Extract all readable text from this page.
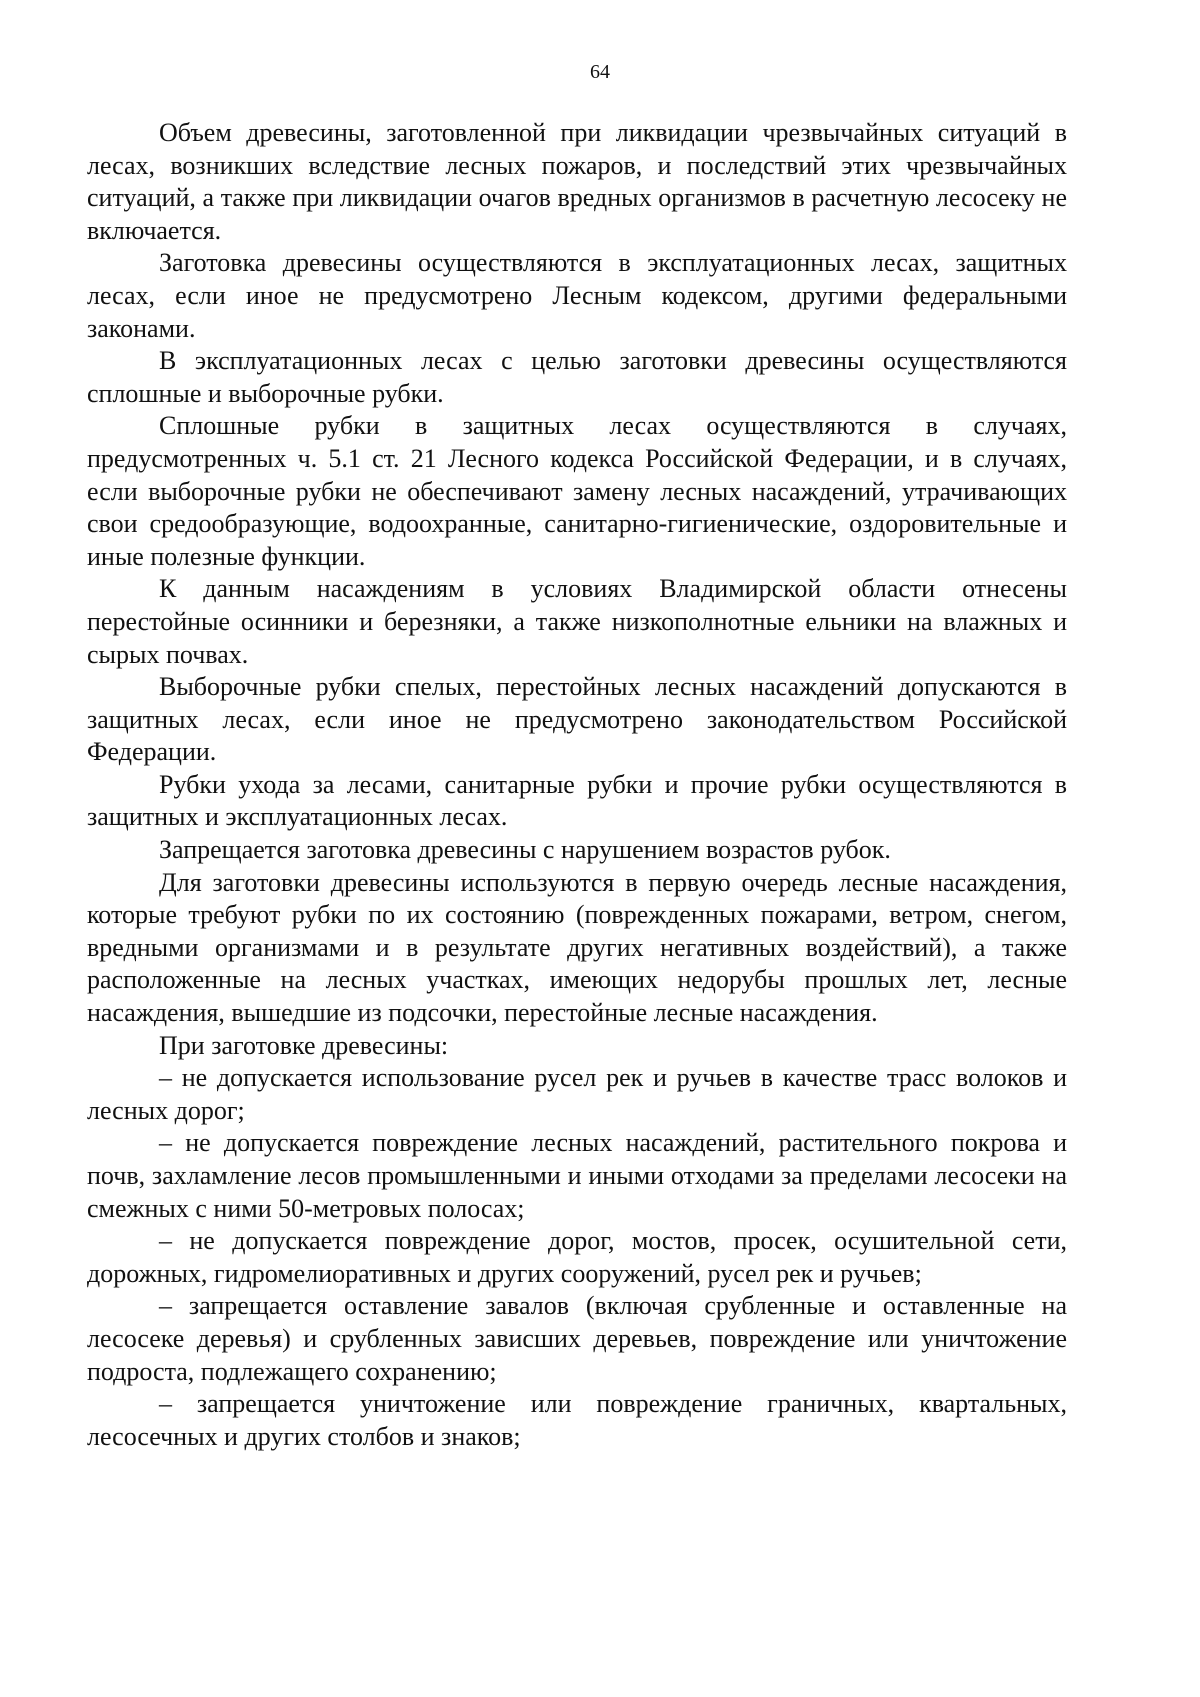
64

Объем древесины, заготовленной при ликвидации чрезвычайных ситуаций в лесах, возникших вследствие лесных пожаров, и последствий этих чрезвычайных ситуаций, а также при ликвидации очагов вредных организмов в расчетную лесосеку не включается.

Заготовка древесины осуществляются в эксплуатационных лесах, защитных лесах, если иное не предусмотрено Лесным кодексом, другими федеральными законами.

В эксплуатационных лесах с целью заготовки древесины осуществляются сплошные и выборочные рубки.

Сплошные рубки в защитных лесах осуществляются в случаях, предусмотренных ч. 5.1 ст. 21 Лесного кодекса Российской Федерации, и в случаях, если выборочные рубки не обеспечивают замену лесных насаждений, утрачивающих свои средообразующие, водоохранные, санитарно-гигиенические, оздоровительные и иные полезные функции.

К данным насаждениям в условиях Владимирской области отнесены перестойные осинники и березняки, а также низкополнотные ельники на влажных и сырых почвах.

Выборочные рубки спелых, перестойных лесных насаждений допускаются в защитных лесах, если иное не предусмотрено законодательством Российской Федерации.

Рубки ухода за лесами, санитарные рубки и прочие рубки осуществляются в защитных и эксплуатационных лесах.

Запрещается заготовка древесины с нарушением возрастов рубок.

Для заготовки древесины используются в первую очередь лесные насаждения, которые требуют рубки по их состоянию (поврежденных пожарами, ветром, снегом, вредными организмами и в результате других негативных воздействий), а также расположенные на лесных участках, имеющих недорубы прошлых лет, лесные насаждения, вышедшие из подсочки, перестойные лесные насаждения.

При заготовке древесины:

– не допускается использование русел рек и ручьев в качестве трасс волоков и лесных дорог;

– не допускается повреждение лесных насаждений, растительного покрова и почв, захламление лесов промышленными и иными отходами за пределами лесосеки на смежных с ними 50-метровых полосах;

– не допускается повреждение дорог, мостов, просек, осушительной сети, дорожных, гидромелиоративных и других сооружений, русел рек и ручьев;

– запрещается оставление завалов (включая срубленные и оставленные на лесосеке деревья) и срубленных зависших деревьев, повреждение или уничтожение подроста, подлежащего сохранению;

– запрещается уничтожение или повреждение граничных, квартальных, лесосечных и других столбов и знаков;
